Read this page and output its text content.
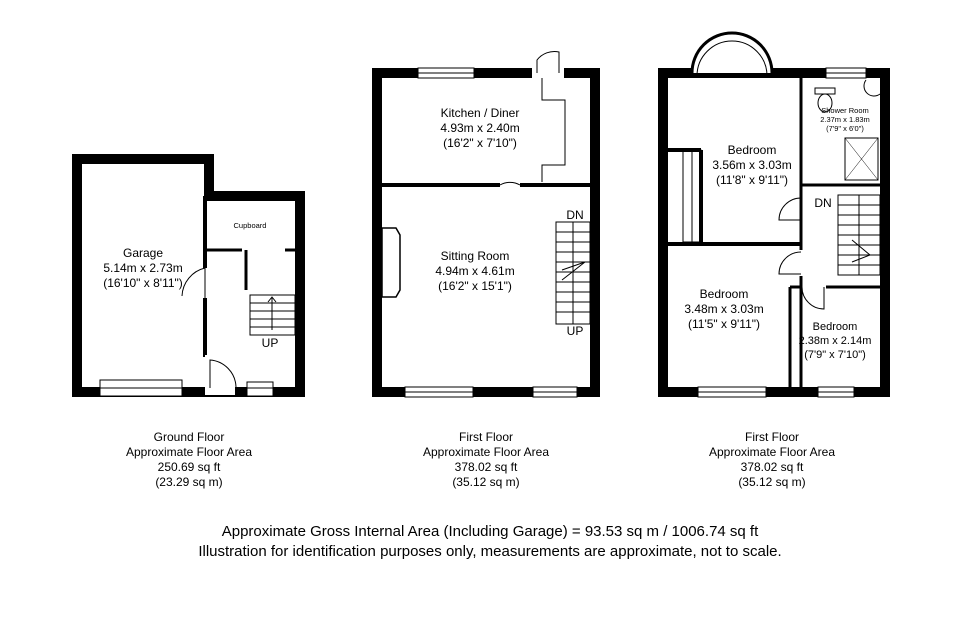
Garage
5.14m x 2.73m
(16'10" x 8'11")
Cupboard
UP
Kitchen / Diner
4.93m x 2.40m
(16'2" x 7'10")
Sitting Room
4.94m x 4.61m
(16'2" x 15'1")
DN
UP
Bedroom
3.56m x 3.03m
(11'8" x 9'11")
Shower Room
2.37m x 1.83m
(7'9" x 6'0")
DN
Bedroom
3.48m x 3.03m
(11'5" x 9'11")	Bedroom
2.38m x 2.14m
(7'9" x 7'10")
Ground Floor
Approximate Floor Area
250.69 sq ft
(23.29 sq m)
First Floor
Approximate Floor Area
378.02 sq ft
(35.12 sq m)
First Floor
Approximate Floor Area
378.02 sq ft
(35.12 sq m)
Approximate Gross Internal Area (Including Garage) = 93.53 sq m / 1006.74 sq ft
Illustration for identification purposes only, measurements are approximate, not to scale.
